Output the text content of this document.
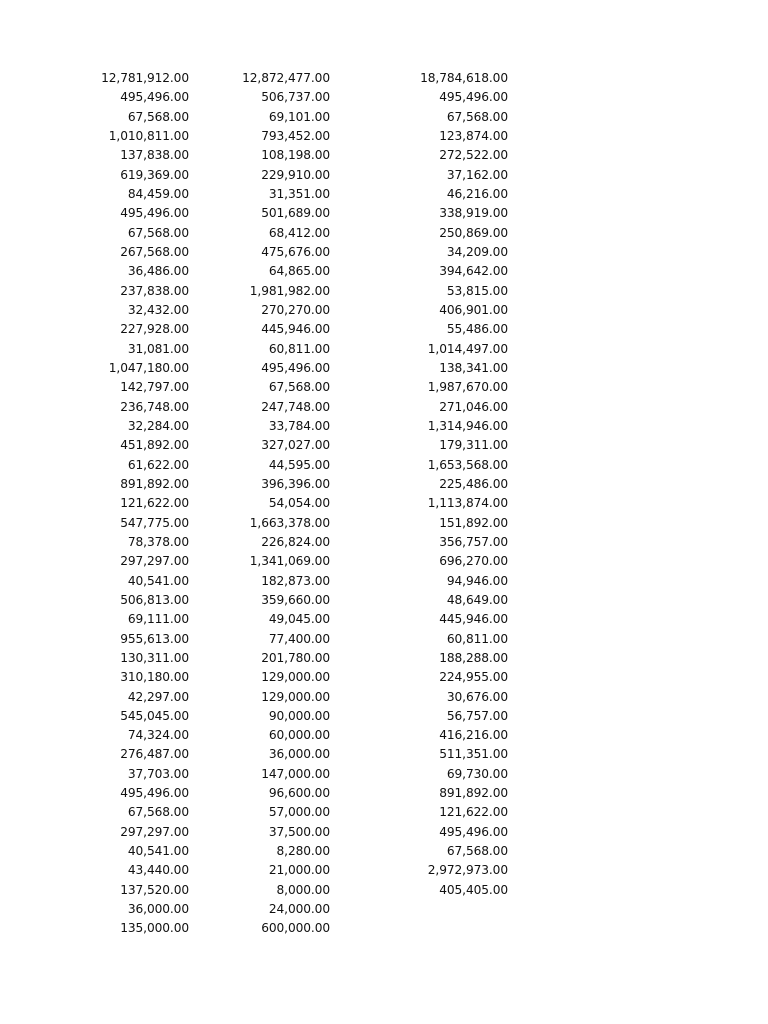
12,781,912.00
495,496.00
67,568.00
1,010,811.00
137,838.00
619,369.00
84,459.00
495,496.00
67,568.00
267,568.00
36,486.00
237,838.00
32,432.00
227,928.00
31,081.00
1,047,180.00
142,797.00
236,748.00
32,284.00
451,892.00
61,622.00
891,892.00
121,622.00
547,775.00
78,378.00
297,297.00
40,541.00
506,813.00
69,111.00
955,613.00
130,311.00
310,180.00
42,297.00
545,045.00
74,324.00
276,487.00
37,703.00
495,496.00
67,568.00
297,297.00
40,541.00
43,440.00
137,520.00
36,000.00
135,000.00
12,872,477.00
506,737.00
69,101.00
793,452.00
108,198.00
229,910.00
31,351.00
501,689.00
68,412.00
475,676.00
64,865.00
1,981,982.00
270,270.00
445,946.00
60,811.00
495,496.00
67,568.00
247,748.00
33,784.00
327,027.00
44,595.00
396,396.00
54,054.00
1,663,378.00
226,824.00
1,341,069.00
182,873.00
359,660.00
49,045.00
77,400.00
201,780.00
129,000.00
129,000.00
90,000.00
60,000.00
36,000.00
147,000.00
96,600.00
57,000.00
37,500.00
8,280.00
21,000.00
8,000.00
24,000.00
600,000.00
18,784,618.00
495,496.00
67,568.00
123,874.00
272,522.00
37,162.00
46,216.00
338,919.00
250,869.00
34,209.00
394,642.00
53,815.00
406,901.00
55,486.00
1,014,497.00
138,341.00
1,987,670.00
271,046.00
1,314,946.00
179,311.00
1,653,568.00
225,486.00
1,113,874.00
151,892.00
356,757.00
696,270.00
94,946.00
48,649.00
445,946.00
60,811.00
188,288.00
224,955.00
30,676.00
56,757.00
416,216.00
511,351.00
69,730.00
891,892.00
121,622.00
495,496.00
67,568.00
2,972,973.00
405,405.00
